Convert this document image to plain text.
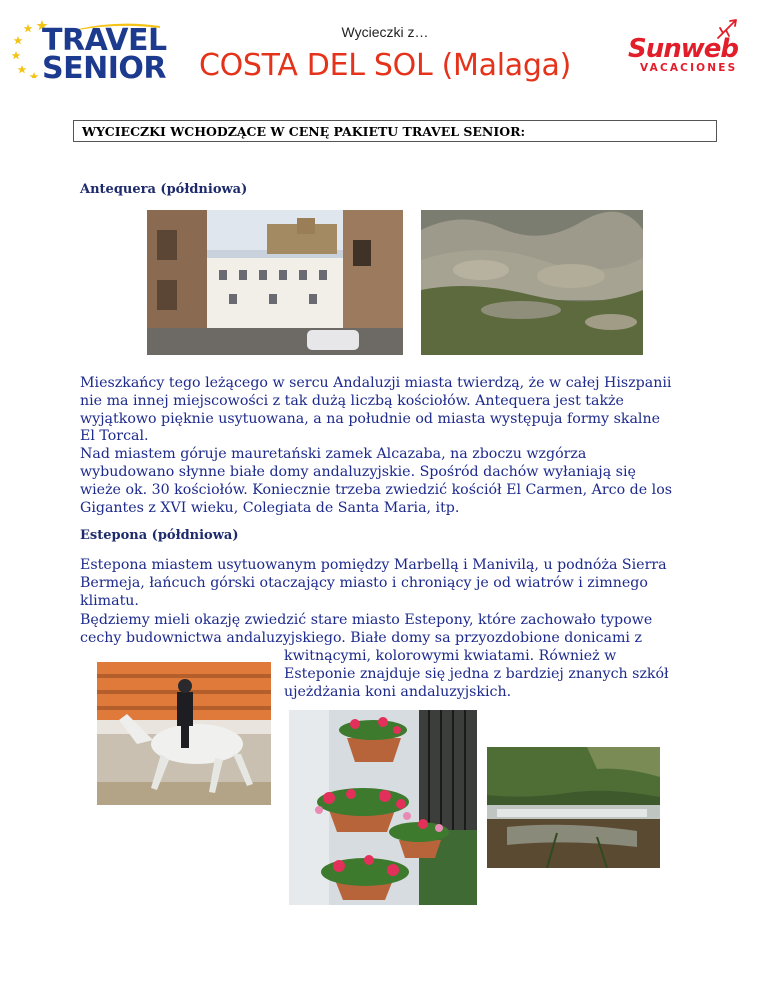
TRAVEL
SENIOR
Wycieczki z…
COSTA DEL SOL (Malaga)	Sunweb
VACACIONES
WYCIECZKI WCHODZĄCE W CENĘ PAKIETU TRAVEL SENIOR:
Antequera (półdniowa)

Mieszkańcy tego leżącego w sercu Andaluzji miasta twierdzą, że w całej Hiszpanii

nie ma innej miejscowości z tak dużą liczbą kościołów. Antequera jest także

wyjątkowo pięknie usytuowana, a na południe od miasta występuja formy skalne

El Torcal.

Nad miastem góruje mauretański zamek Alcazaba, na zboczu wzgórza

wybudowano słynne białe domy andaluzyjskie. Spośród dachów wyłaniają się

wieże ok. 30 kościołów. Koniecznie trzeba zwiedzić kościół El Carmen, Arco de los

Gigantes z XVI wieku, Colegiata de Santa Maria, itp.

Estepona (półdniowa)

Estepona miastem usytuowanym pomiędzy Marbellą i Manivilą, u podnóża Sierra

Bermeja, łańcuch górski otaczający miasto i chroniący je od wiatrów i zimnego

klimatu.

Będziemy mieli okazję zwiedzić stare miasto Estepony, które zachowało typowe

cechy budownictwa andaluzyjskiego. Białe domy sa przyozdobione donicami z

kwitnącymi, kolorowymi kwiatami. Również w

Esteponie znajduje się jedna z bardziej znanych szkół

ujeżdżania koni andaluzyjskich.
